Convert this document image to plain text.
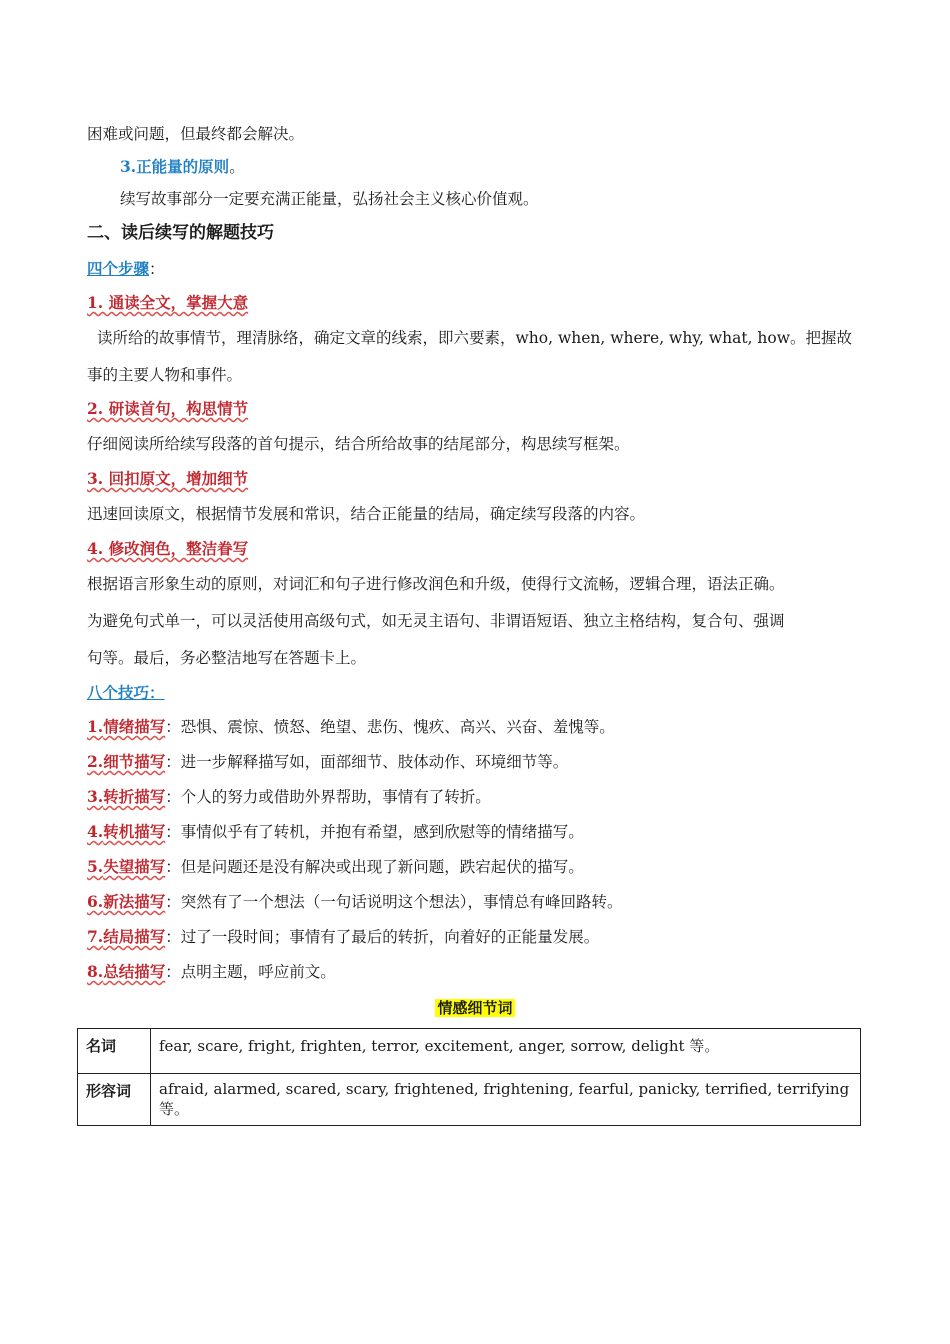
困难或问题，但最终都会解决。
3.正能量的原则。
续写故事部分一定要充满正能量，弘扬社会主义核心价值观。
二、读后续写的解题技巧
四个步骤：
1. 通读全文，掌握大意
读所给的故事情节，理清脉络，确定文章的线索，即六要素，who, when, where, why, what, how。把握故
事的主要人物和事件。
2. 研读首句，构思情节
仔细阅读所给续写段落的首句提示，结合所给故事的结尾部分，构思续写框架。
3. 回扣原文，增加细节
迅速回读原文，根据情节发展和常识，结合正能量的结局，确定续写段落的内容。
4. 修改润色，整洁眷写
根据语言形象生动的原则，对词汇和句子进行修改润色和升级，使得行文流畅，逻辑合理，语法正确。
为避免句式单一，可以灵活使用高级句式，如无灵主语句、非谓语短语、独立主格结构，复合句、强调
句等。最后，务必整洁地写在答题卡上。
八个技巧：
1.情绪描写：恐惧、震惊、愤怒、绝望、悲伤、愧疚、高兴、兴奋、羞愧等。
2.细节描写：进一步解释描写如，面部细节、肢体动作、环境细节等。
3.转折描写：个人的努力或借助外界帮助，事情有了转折。
4.转机描写：事情似乎有了转机，并抱有希望，感到欣慰等的情绪描写。
5.失望描写：但是问题还是没有解决或出现了新问题，跌宕起伏的描写。
6.新法描写：突然有了一个想法（一句话说明这个想法），事情总有峰回路转。
7.结局描写：过了一段时间；事情有了最后的转折，向着好的正能量发展。
8.总结描写：点明主题，呼应前文。
情感细节词
名词	fear, scare, fright, frighten, terror, excitement, anger, sorrow, delight 等。
形容词	afraid, alarmed, scared, scary, frightened, frightening, fearful, panicky, terrified, terrifying 等。
